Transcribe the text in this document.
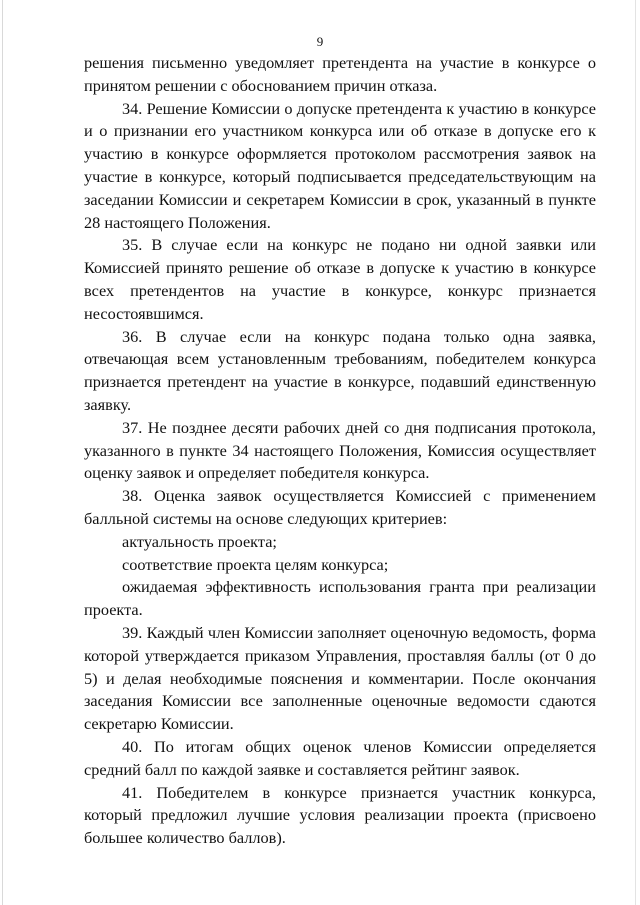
9

решения письменно уведомляет претендента на участие в конкурсе о принятом решении с обоснованием причин отказа.

34. Решение Комиссии о допуске претендента к участию в конкурсе и о признании его участником конкурса или об отказе в допуске его к участию в конкурсе оформляется протоколом рассмотрения заявок на участие в конкурсе, который подписывается председательствующим на заседании Комиссии и секретарем Комиссии в срок, указанный в пункте 28 настоящего Положения.

35. В случае если на конкурс не подано ни одной заявки или Комиссией принято решение об отказе в допуске к участию в конкурсе всех претендентов на участие в конкурсе, конкурс признается несостоявшимся.

36. В случае если на конкурс подана только одна заявка, отвечающая всем установленным требованиям, победителем конкурса признается претендент на участие в конкурсе, подавший единственную заявку.

37. Не позднее десяти рабочих дней со дня подписания протокола, указанного в пункте 34 настоящего Положения, Комиссия осуществляет оценку заявок и определяет победителя конкурса.

38. Оценка заявок осуществляется Комиссией с применением балльной системы на основе следующих критериев:

актуальность проекта;

соответствие проекта целям конкурса;

ожидаемая эффективность использования гранта при реализации проекта.

39. Каждый член Комиссии заполняет оценочную ведомость, форма которой утверждается приказом Управления, проставляя баллы (от 0 до 5) и делая необходимые пояснения и комментарии. После окончания заседания Комиссии все заполненные оценочные ведомости сдаются секретарю Комиссии.

40. По итогам общих оценок членов Комиссии определяется средний балл по каждой заявке и составляется рейтинг заявок.

41. Победителем в конкурсе признается участник конкурса, который предложил лучшие условия реализации проекта (присвоено большее количество баллов).
